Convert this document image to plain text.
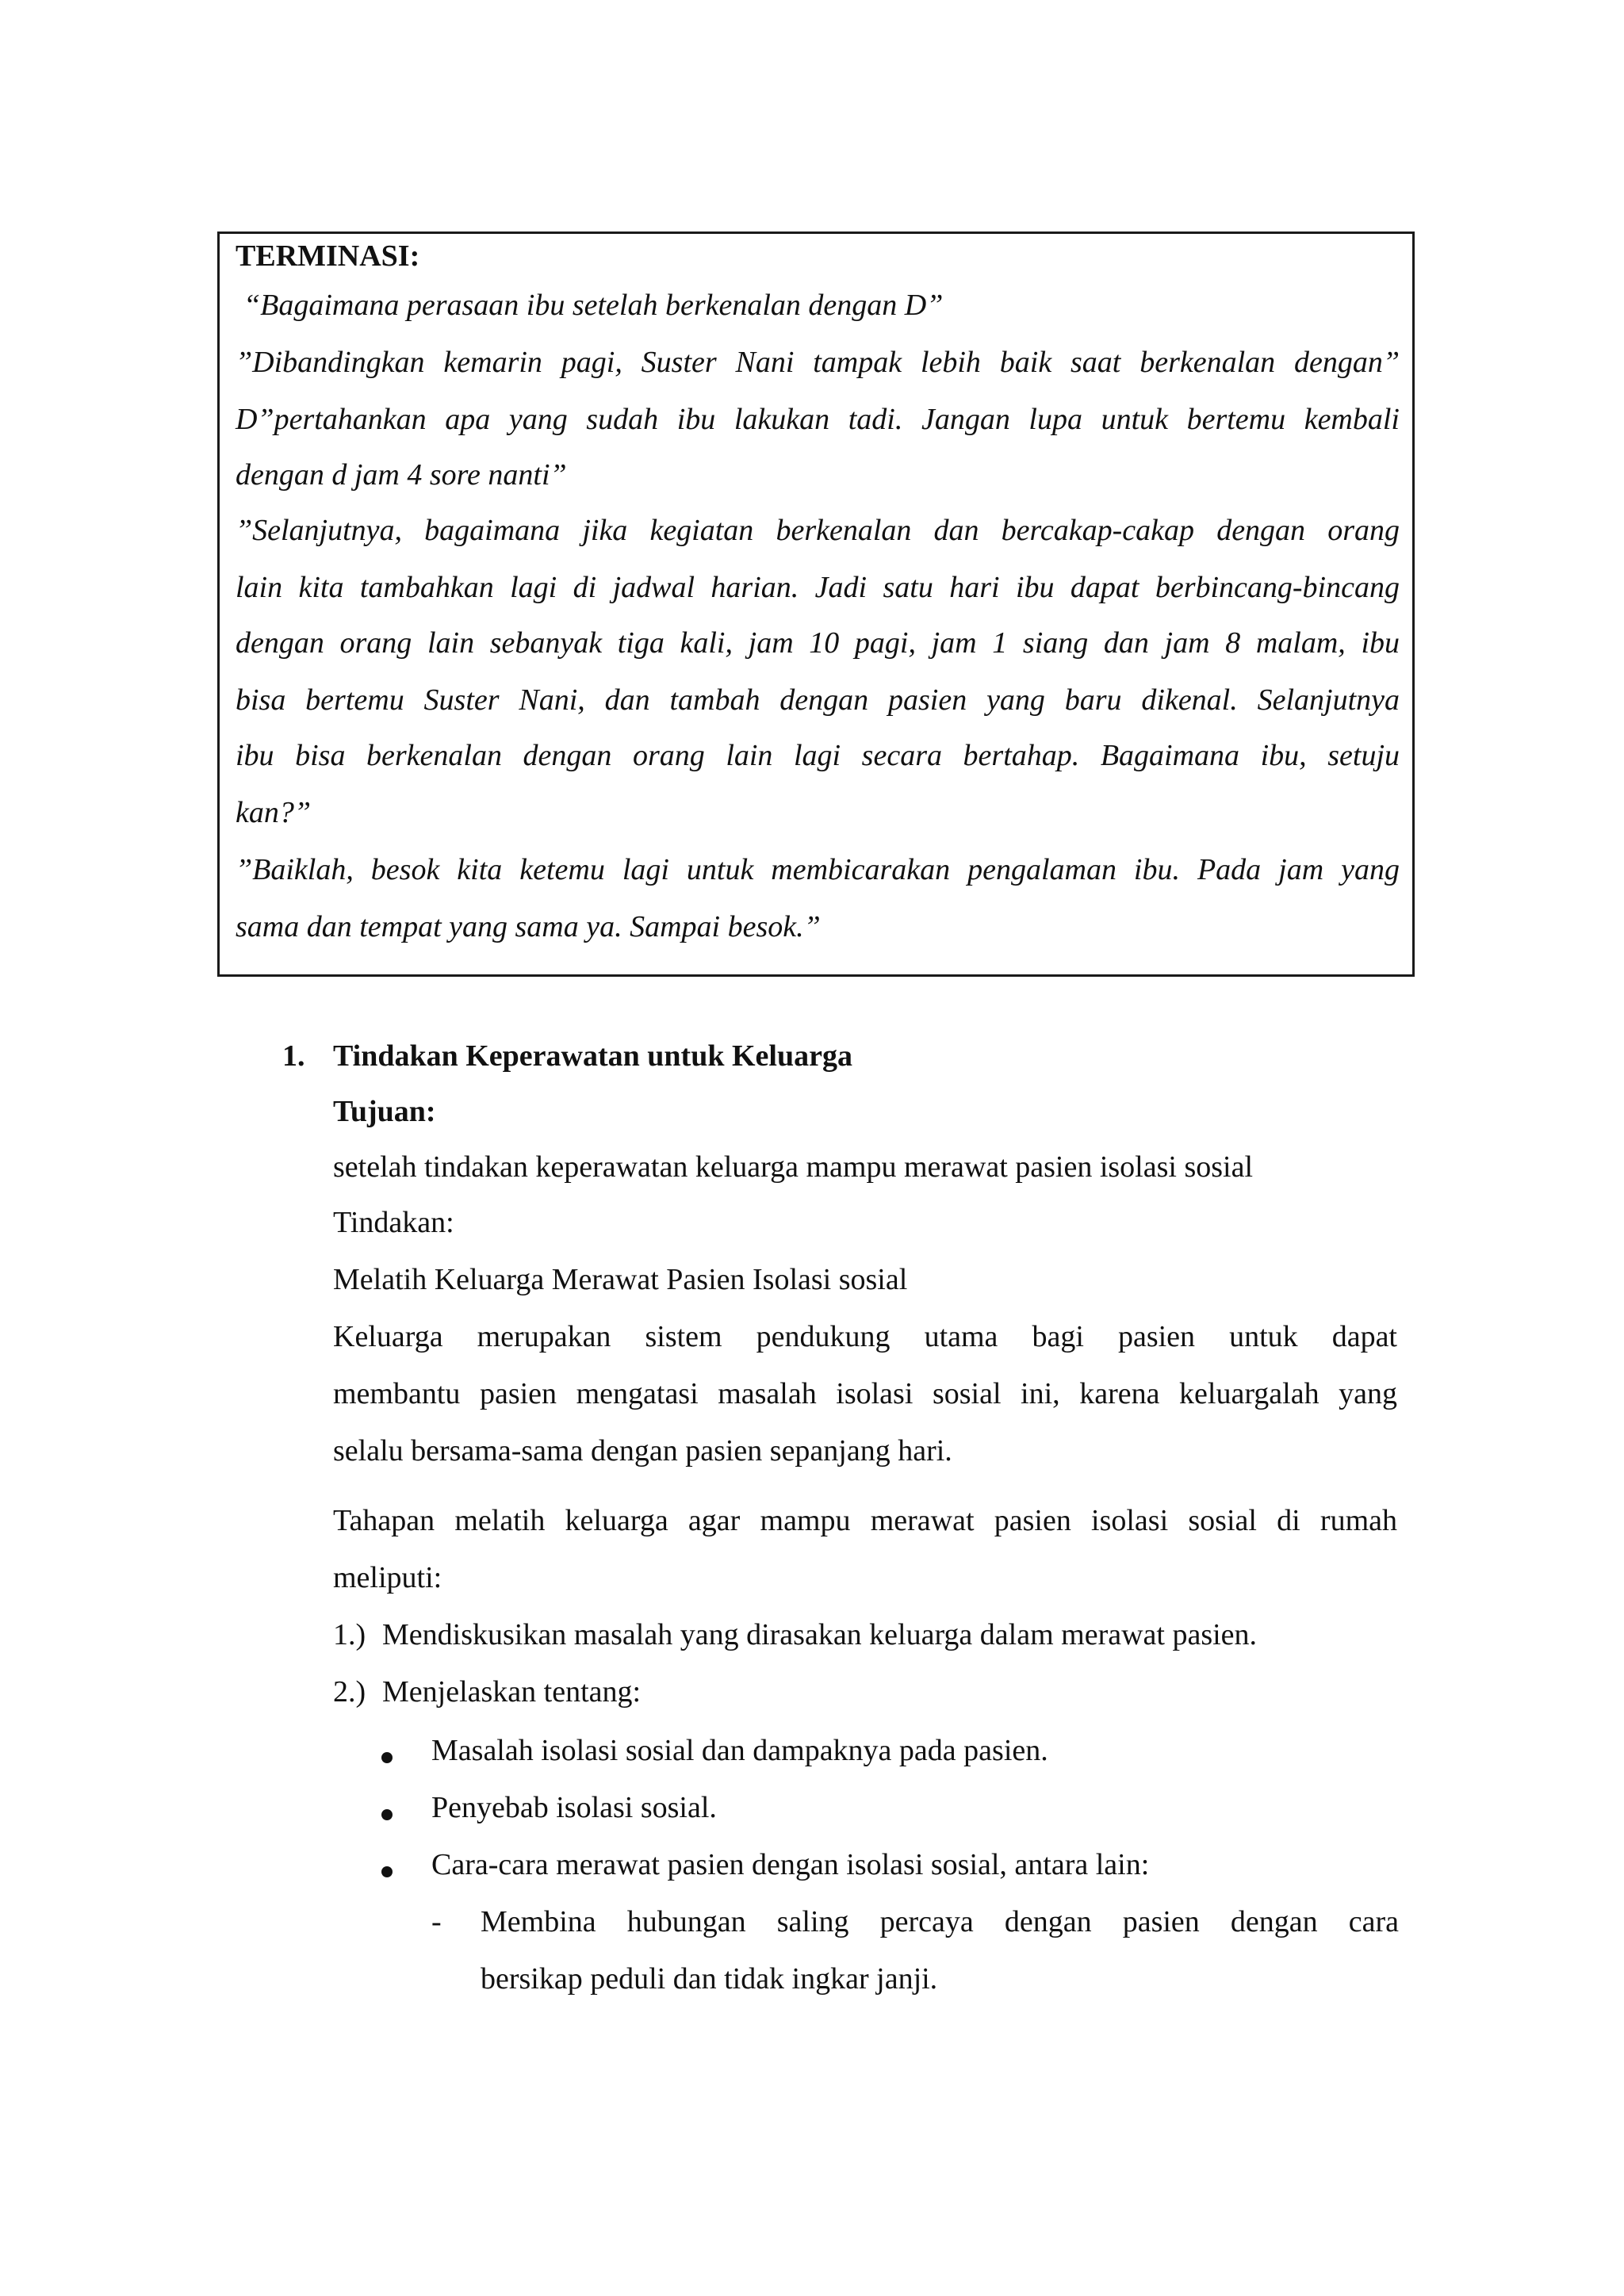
TERMINASI:
“Bagaimana perasaan ibu setelah berkenalan dengan D”
”Dibandingkan kemarin pagi, Suster Nani tampak lebih baik saat berkenalan dengan”
D”pertahankan apa yang sudah ibu lakukan tadi. Jangan lupa untuk bertemu kembali
dengan d jam 4 sore nanti”
”Selanjutnya, bagaimana jika kegiatan berkenalan dan bercakap-cakap dengan orang
lain kita tambahkan lagi di jadwal harian. Jadi satu hari ibu dapat berbincang-bincang
dengan orang lain sebanyak tiga kali, jam 10 pagi, jam 1 siang dan jam 8 malam, ibu
bisa bertemu Suster Nani, dan tambah dengan pasien yang baru dikenal. Selanjutnya
ibu bisa berkenalan dengan orang lain lagi secara bertahap. Bagaimana ibu, setuju
kan?”
”Baiklah, besok kita ketemu lagi untuk membicarakan pengalaman ibu. Pada jam yang
sama dan tempat yang sama ya. Sampai besok.”
1. Tindakan Keperawatan untuk Keluarga
Tujuan:
setelah tindakan keperawatan keluarga mampu merawat pasien isolasi sosial
Tindakan:
Melatih Keluarga Merawat Pasien Isolasi sosial
Keluarga merupakan sistem pendukung utama bagi pasien untuk dapat
membantu pasien mengatasi masalah isolasi sosial ini, karena keluargalah yang
selalu bersama-sama dengan pasien sepanjang hari.
Tahapan melatih keluarga agar mampu merawat pasien isolasi sosial di rumah
meliputi:
1.) Mendiskusikan masalah yang dirasakan keluarga dalam merawat pasien.
2.) Menjelaskan tentang:
Masalah isolasi sosial dan dampaknya pada pasien.
Penyebab isolasi sosial.
Cara-cara merawat pasien dengan isolasi sosial, antara lain:
- Membina hubungan saling percaya dengan pasien dengan cara
bersikap peduli dan tidak ingkar janji.
